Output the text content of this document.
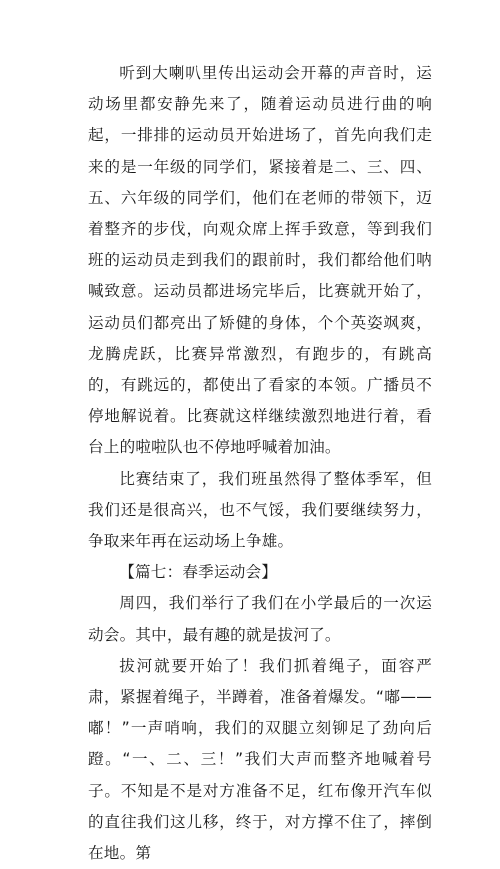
听到大喇叭里传出运动会开幕的声音时，运动场里都安静先来了，随着运动员进行曲的响起，一排排的运动员开始进场了，首先向我们走来的是一年级的同学们，紧接着是二、三、四、五、六年级的同学们，他们在老师的带领下，迈着整齐的步伐，向观众席上挥手致意，等到我们班的运动员走到我们的跟前时，我们都给他们呐喊致意。运动员都进场完毕后，比赛就开始了，运动员们都亮出了矫健的身体，个个英姿飒爽，龙腾虎跃，比赛异常激烈，有跑步的，有跳高的，有跳远的，都使出了看家的本领。广播员不停地解说着。比赛就这样继续激烈地进行着，看台上的啦啦队也不停地呼喊着加油。

比赛结束了，我们班虽然得了整体季军，但我们还是很高兴，也不气馁，我们要继续努力，争取来年再在运动场上争雄。

【篇七：春季运动会】

周四，我们举行了我们在小学最后的一次运动会。其中，最有趣的就是拔河了。

拔河就要开始了！我们抓着绳子，面容严肃，紧握着绳子，半蹲着，准备着爆发。“嘟——嘟！”一声哨响，我们的双腿立刻铆足了劲向后蹬。“一、二、三！”我们大声而整齐地喊着号子。不知是不是对方准备不足，红布像开汽车似的直往我们这儿移，终于，对方撑不住了，摔倒在地。第
